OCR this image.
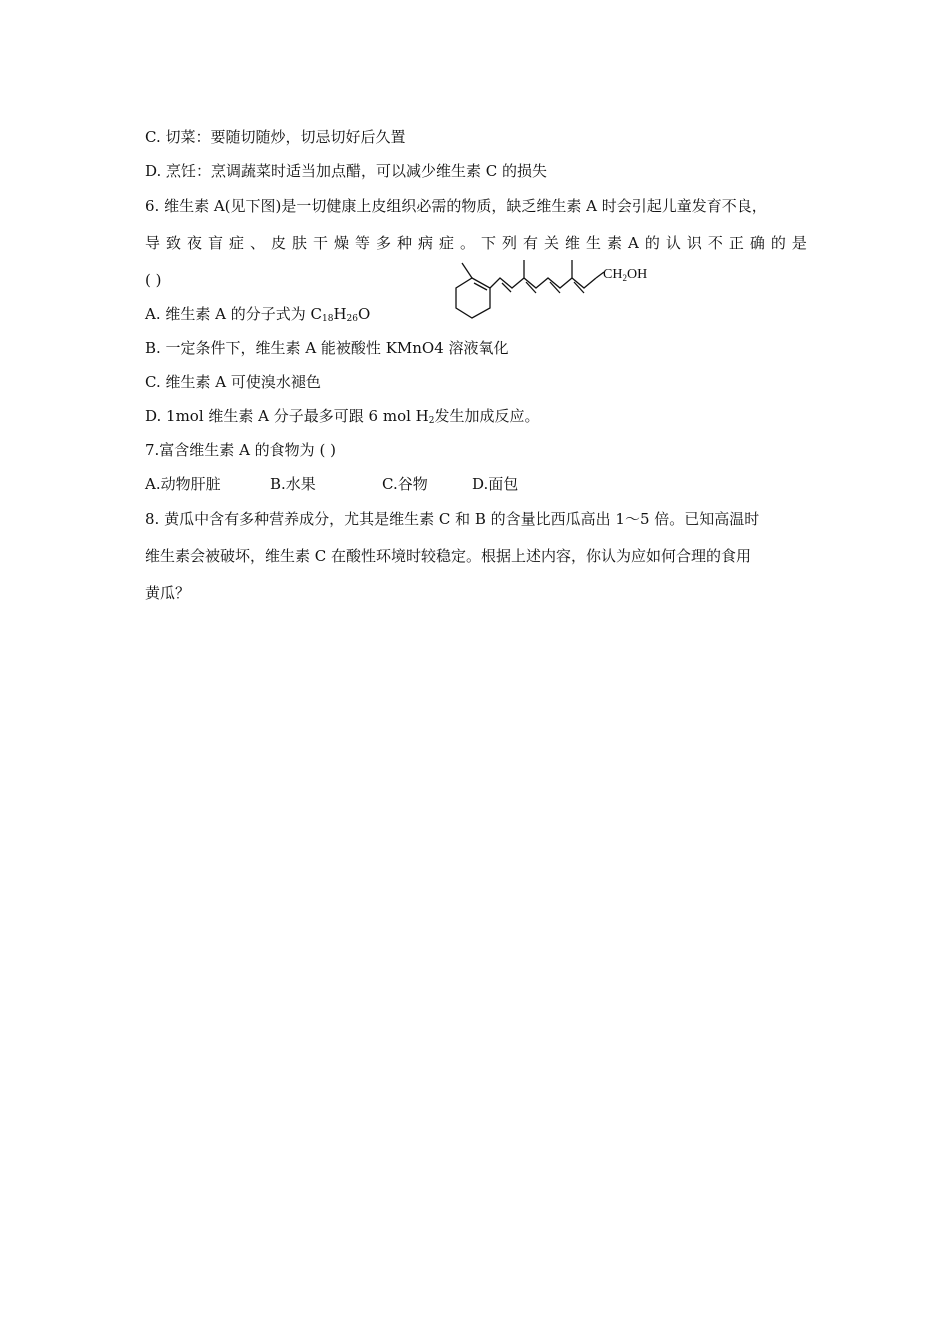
C. 切菜：要随切随炒，切忌切好后久置
D. 烹饪：烹调蔬菜时适当加点醋，可以减少维生素 C 的损失
6. 维生素 A(见下图)是一切健康上皮组织必需的物质，缺乏维生素 A 时会引起儿童发育不良，
导 致 夜 盲 症 、 皮 肤 干 燥 等 多 种 病 症 。 下 列 有 关 维 生 素 A 的 认 识 不 正 确 的 是
( )	$CH_2OH$
A. 维生素 A 的分子式为 $C_{18}H_{26}O$
B. 一定条件下，维生素 A 能被酸性 KMnO4 溶液氧化
C. 维生素 A 可使溴水褪色
D. 1mol 维生素 A 分子最多可跟 6 mol $H_2$发生加成反应。
7.富含维生素 A 的食物为 ( )
A.动物肝脏	B.水果	C.谷物	D.面包
8. 黄瓜中含有多种营养成分，尤其是维生素 C 和 B 的含量比西瓜高出 1～5 倍。已知高温时
维生素会被破坏，维生素 C 在酸性环境时较稳定。根据上述内容，你认为应如何合理的食用
黄瓜？
